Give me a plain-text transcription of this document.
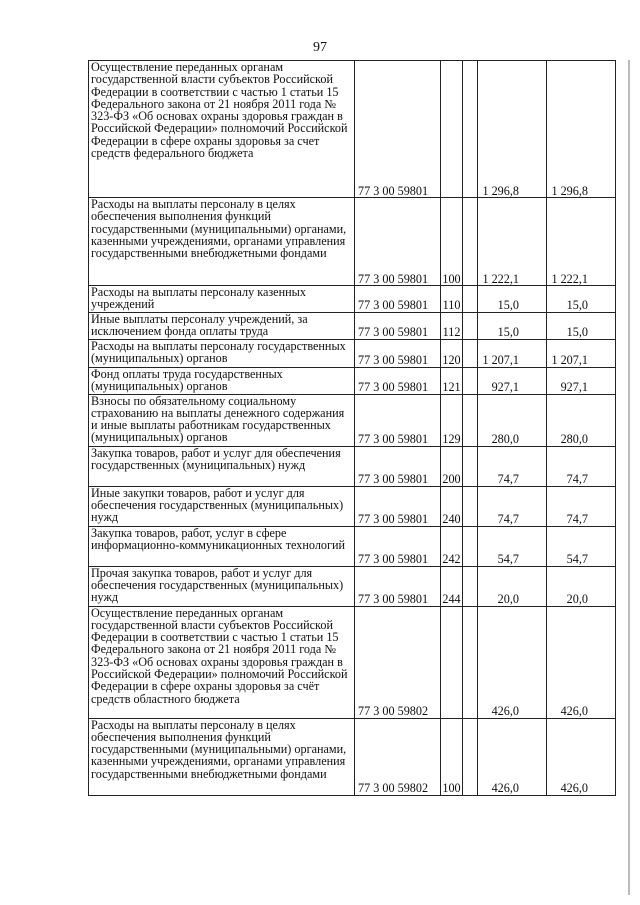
97
Осуществление переданных органам государственной власти субъектов Российской Федерации в соответствии с частью 1 статьи 15 Федерального закона от 21 ноября 2011 года № 323-ФЗ «Об основах охраны здоровья граждан в Российской Федерации» полномочий Российской Федерации в сфере охраны здоровья за счет средств федерального бюджета	77 3 00 59801			1 296,8	1 296,8
Расходы на выплаты персоналу в целях обеспечения выполнения функций государственными (муниципальными) органами, казенными учреждениями, органами управления государственными внебюджетными фондами	77 3 00 59801	100		1 222,1	1 222,1
Расходы на выплаты персоналу казенных учреждений	77 3 00 59801	110		15,0	15,0
Иные выплаты персоналу учреждений, за исключением фонда оплаты труда	77 3 00 59801	112		15,0	15,0
Расходы на выплаты персоналу государственных (муниципальных) органов	77 3 00 59801	120		1 207,1	1 207,1
Фонд оплаты труда государственных (муниципальных) органов	77 3 00 59801	121		927,1	927,1
Взносы по обязательному социальному страхованию на выплаты денежного содержания и иные выплаты работникам государственных (муниципальных) органов	77 3 00 59801	129		280,0	280,0
Закупка товаров, работ и услуг для обеспечения государственных (муниципальных) нужд	77 3 00 59801	200		74,7	74,7
Иные закупки товаров, работ и услуг для обеспечения государственных (муниципальных) нужд	77 3 00 59801	240		74,7	74,7
Закупка товаров, работ, услуг в сфере информационно-коммуникационных технологий	77 3 00 59801	242		54,7	54,7
Прочая закупка товаров, работ и услуг для обеспечения государственных (муниципальных) нужд	77 3 00 59801	244		20,0	20,0
Осуществление переданных органам государственной власти субъектов Российской Федерации в соответствии с частью 1 статьи 15 Федерального закона от 21 ноября 2011 года № 323-ФЗ «Об основах охраны здоровья граждан в Российской Федерации» полномочий Российской Федерации в сфере охраны здоровья за счёт средств областного бюджета	77 3 00 59802			426,0	426,0
Расходы на выплаты персоналу в целях обеспечения выполнения функций государственными (муниципальными) органами, казенными учреждениями, органами управления государственными внебюджетными фондами	77 3 00 59802	100		426,0	426,0
